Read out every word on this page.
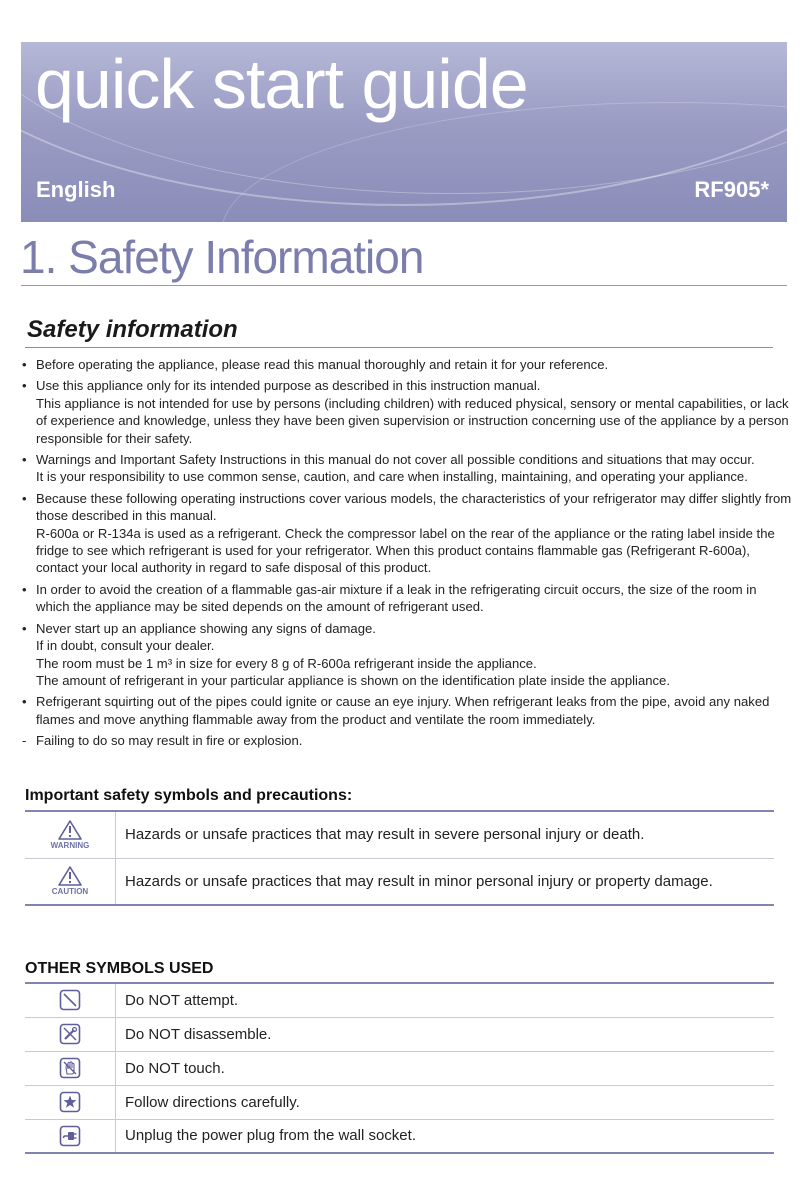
quick start guide
English	RF905*
1. Safety Information
Safety information
• Before operating the appliance, please read this manual thoroughly and retain it for your reference.
• Use this appliance only for its intended purpose as described in this instruction manual.
This appliance is not intended for use by persons (including children) with reduced physical, sensory or mental capabilities, or lack of experience and knowledge, unless they have been given supervision or instruction concerning use of the appliance by a person responsible for their safety.
• Warnings and Important Safety Instructions in this manual do not cover all possible conditions and situations that may occur.
It is your responsibility to use common sense, caution, and care when installing, maintaining, and operating your appliance.
• Because these following operating instructions cover various models, the characteristics of your refrigerator may differ slightly from those described in this manual.
R-600a or R-134a is used as a refrigerant. Check the compressor label on the rear of the appliance or the rating label inside the fridge to see which refrigerant is used for your refrigerator. When this product contains flammable gas (Refrigerant R-600a), contact your local authority in regard to safe disposal of this product.
• In order to avoid the creation of a flammable gas-air mixture if a leak in the refrigerating circuit occurs, the size of the room in which the appliance may be sited depends on the amount of refrigerant used.
• Never start up an appliance showing any signs of damage.
If in doubt, consult your dealer.
The room must be 1 m³ in size for every 8 g of R-600a refrigerant inside the appliance.
The amount of refrigerant in your particular appliance is shown on the identification plate inside the appliance.
• Refrigerant squirting out of the pipes could ignite or cause an eye injury. When refrigerant leaks from the pipe, avoid any naked flames and move anything flammable away from the product and ventilate the room immediately.
- Failing to do so may result in fire or explosion.
Important safety symbols and precautions:
WARNING	Hazards or unsafe practices that may result in severe personal injury or death.

CAUTION	Hazards or unsafe practices that may result in minor personal injury or property damage.
OTHER SYMBOLS USED
	Do NOT attempt.

	Do NOT disassemble.

	Do NOT touch.

	Follow directions carefully.

	Unplug the power plug from the wall socket.
